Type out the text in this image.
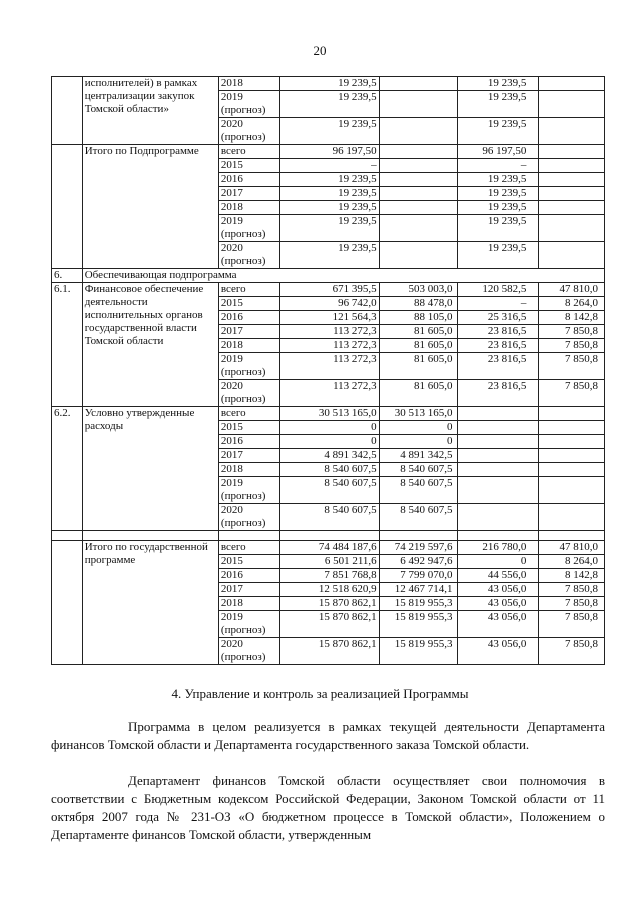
20
	исполнителей) в рамках централизации закупок Томской области»	2018	19 239,5		19 239,5	
		2019 (прогноз)	19 239,5		19 239,5	
		2020 (прогноз)	19 239,5		19 239,5	
	Итого по Подпрограмме	всего	96 197,50		96 197,50	
		2015	–		–	
		2016	19 239,5		19 239,5	
		2017	19 239,5		19 239,5	
		2018	19 239,5		19 239,5	
		2019 (прогноз)	19 239,5		19 239,5	
		2020 (прогноз)	19 239,5		19 239,5	
6.	Обеспечивающая подпрограмма					
6.1.	Финансовое обеспечение деятельности исполнительных органов государственной власти Томской области	всего	671 395,5	503 003,0	120 582,5	47 810,0
		2015	96 742,0	88 478,0	–	8 264,0
		2016	121 564,3	88 105,0	25 316,5	8 142,8
		2017	113 272,3	81 605,0	23 816,5	7 850,8
		2018	113 272,3	81 605,0	23 816,5	7 850,8
		2019 (прогноз)	113 272,3	81 605,0	23 816,5	7 850,8
		2020 (прогноз)	113 272,3	81 605,0	23 816,5	7 850,8
6.2.	Условно утвержденные расходы	всего	30 513 165,0	30 513 165,0		
		2015	0	0		
		2016	0	0		
		2017	4 891 342,5	4 891 342,5		
		2018	8 540 607,5	8 540 607,5		
		2019 (прогноз)	8 540 607,5	8 540 607,5		
		2020 (прогноз)	8 540 607,5	8 540 607,5		

	Итого по государственной программе	всего	74 484 187,6	74 219 597,6	216 780,0	47 810,0
		2015	6 501 211,6	6 492 947,6	0	8 264,0
		2016	7 851 768,8	7 799 070,0	44 556,0	8 142,8
		2017	12 518 620,9	12 467 714,1	43 056,0	7 850,8
		2018	15 870 862,1	15 819 955,3	43 056,0	7 850,8
		2019 (прогноз)	15 870 862,1	15 819 955,3	43 056,0	7 850,8
		2020 (прогноз)	15 870 862,1	15 819 955,3	43 056,0	7 850,8
4. Управление и контроль за реализацией Программы
Программа в целом реализуется в рамках текущей деятельности Департамента финансов Томской области и Департамента государственного заказа Томской области.
Департамент финансов Томской области осуществляет свои полномочия в соответствии с Бюджетным кодексом Российской Федерации, Законом Томской области от 11 октября 2007 года № 231-ОЗ «О бюджетном процессе в Томской области», Положением о Департаменте финансов Томской области, утвержденным
